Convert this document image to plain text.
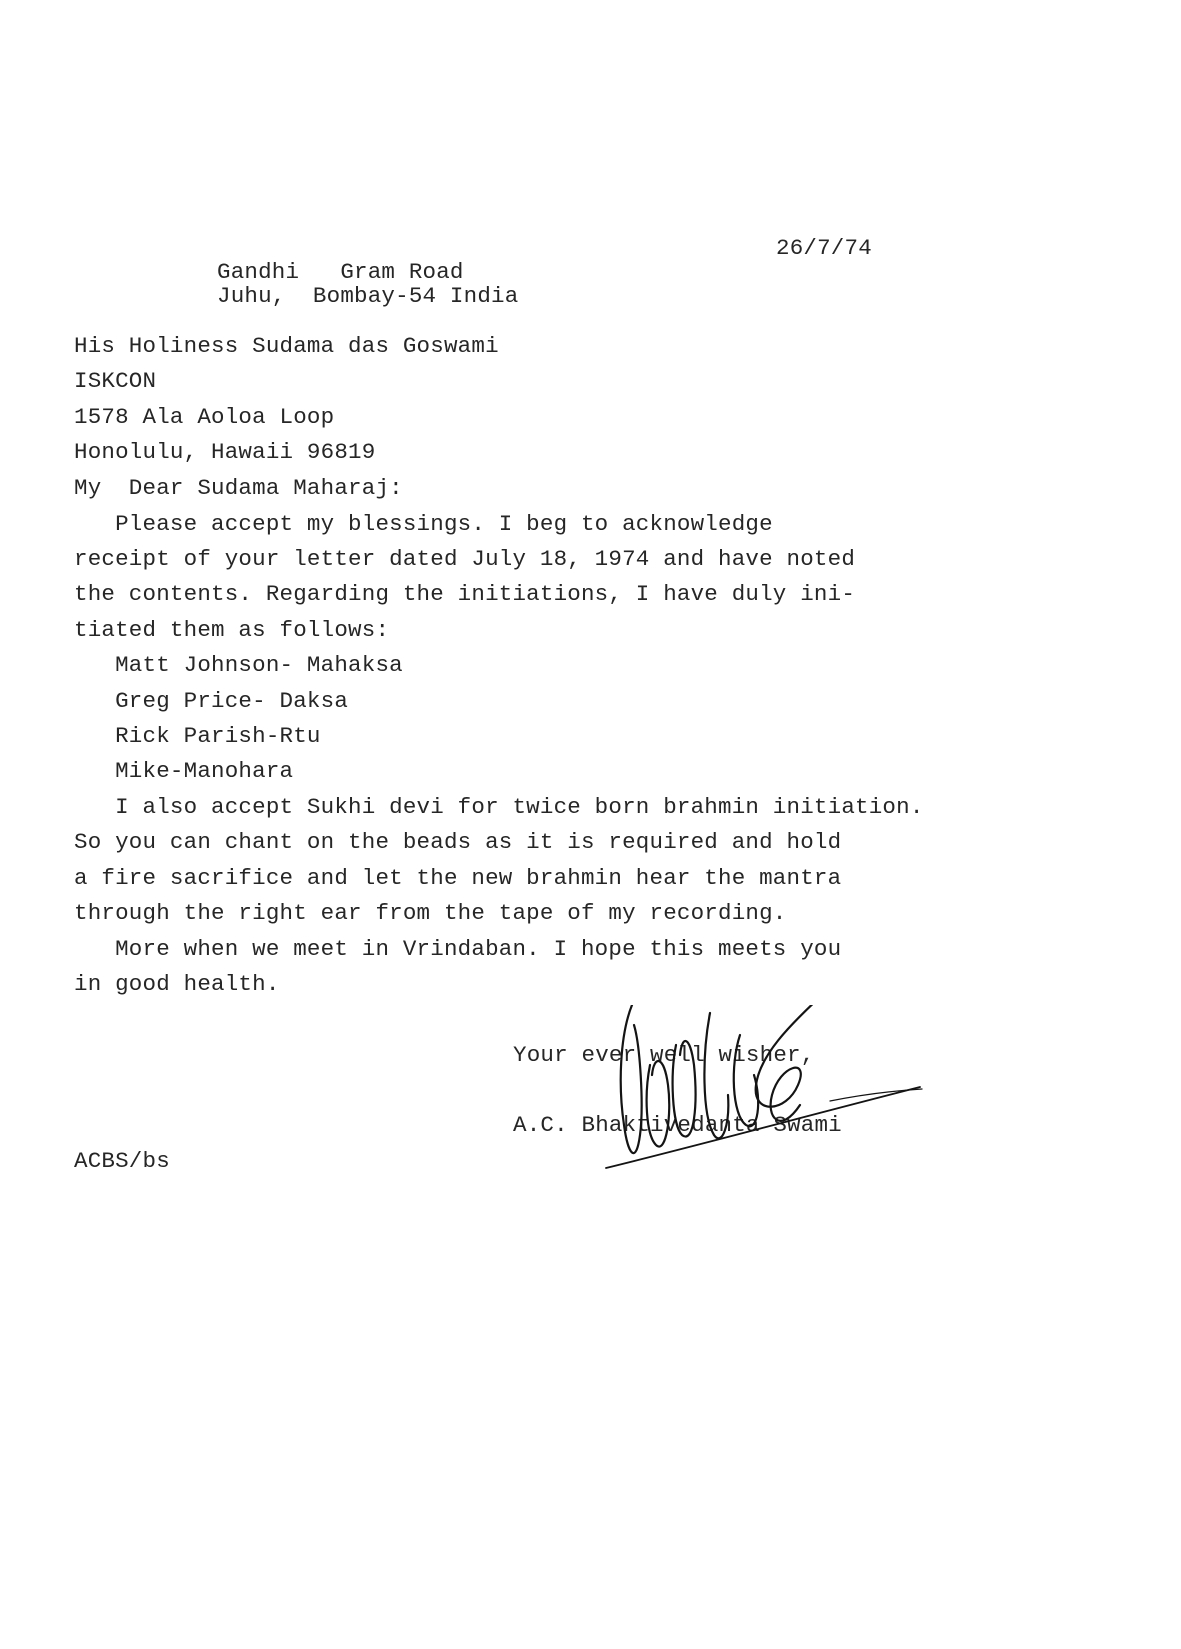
26/7/74
Gandhi   Gram Road
Juhu,  Bombay-54 India
His Holiness Sudama das Goswami
ISKCON
1578 Ala Aoloa Loop
Honolulu, Hawaii 96819
My  Dear Sudama Maharaj:
Please accept my blessings. I beg to acknowledge
receipt of your letter dated July 18, 1974 and have noted
the contents. Regarding the initiations, I have duly ini-
tiated them as follows:
Matt Johnson- Mahaksa
Greg Price- Daksa
Rick Parish-Rtu
Mike-Manohara
I also accept Sukhi devi for twice born brahmin initiation.
So you can chant on the beads as it is required and hold
a fire sacrifice and let the new brahmin hear the mantra
through the right ear from the tape of my recording.
More when we meet in Vrindaban. I hope this meets you
in good health.
Your ever well wisher,
A.C. Bhaktivedanta Swami
ACBS/bs
